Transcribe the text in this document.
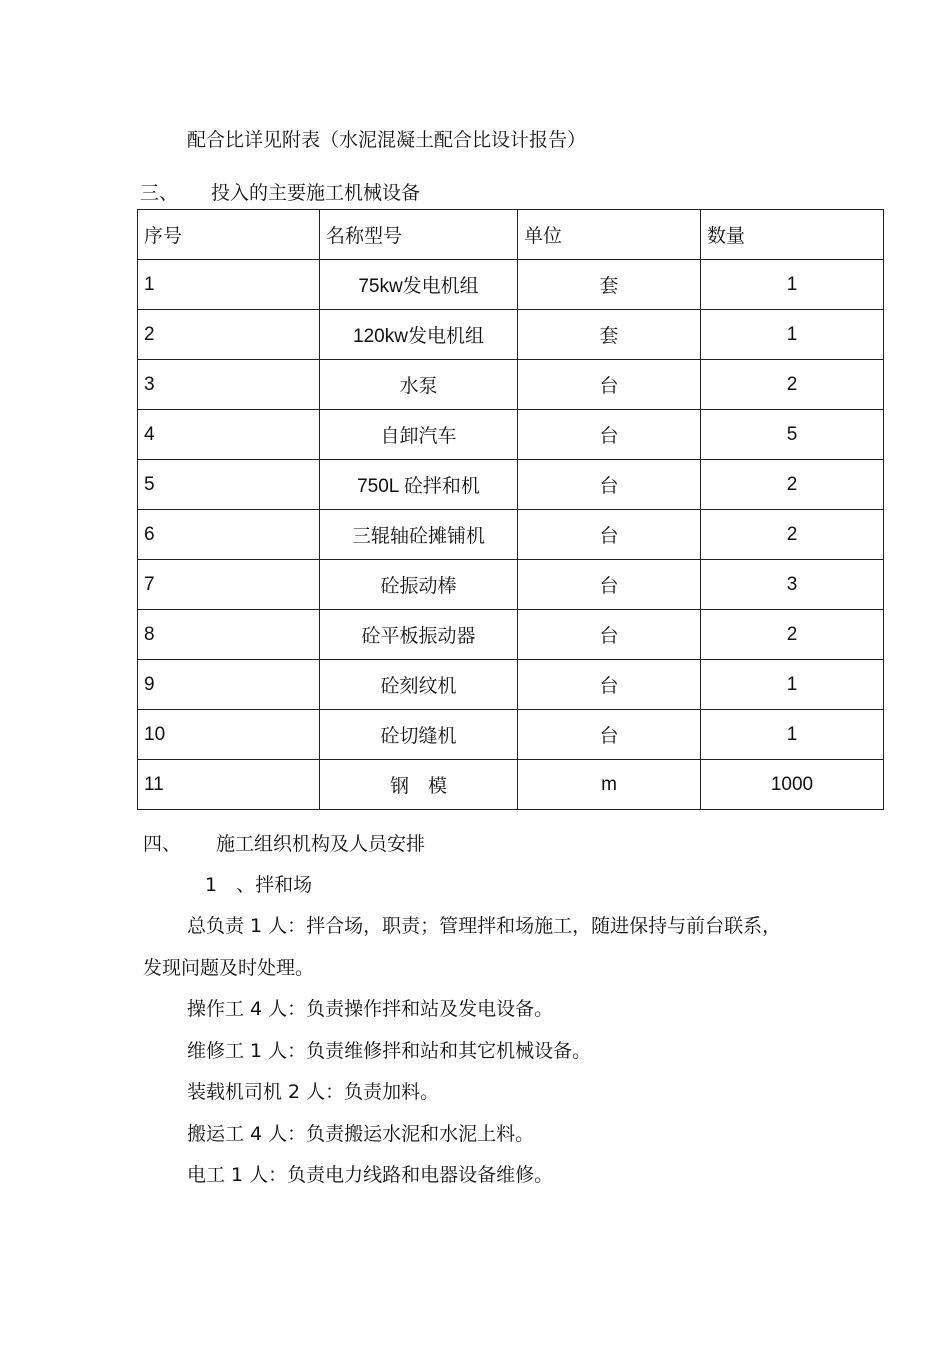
配合比详见附表（水泥混凝土配合比设计报告）
三、 投入的主要施工机械设备
序号	名称型号	单位	数量
1	75kw发电机组	套	1
2	120kw发电机组	套	1
3	水泵	台	2
4	自卸汽车	台	5
5	750L 砼拌和机	台	2
6	三辊轴砼摊铺机	台	2
7	砼振动棒	台	3
8	砼平板振动器	台	2
9	砼刻纹机	台	1
10	砼切缝机	台	1
11	钢　模	m	1000
四、 施工组织机构及人员安排
1　、拌和场
总负责 1 人：拌合场，职责；管理拌和场施工，随进保持与前台联系，
发现问题及时处理。
操作工 4 人：负责操作拌和站及发电设备。
维修工 1 人：负责维修拌和站和其它机械设备。
装载机司机 2 人：负责加料。
搬运工 4 人：负责搬运水泥和水泥上料。
电工 1 人：负责电力线路和电器设备维修。
